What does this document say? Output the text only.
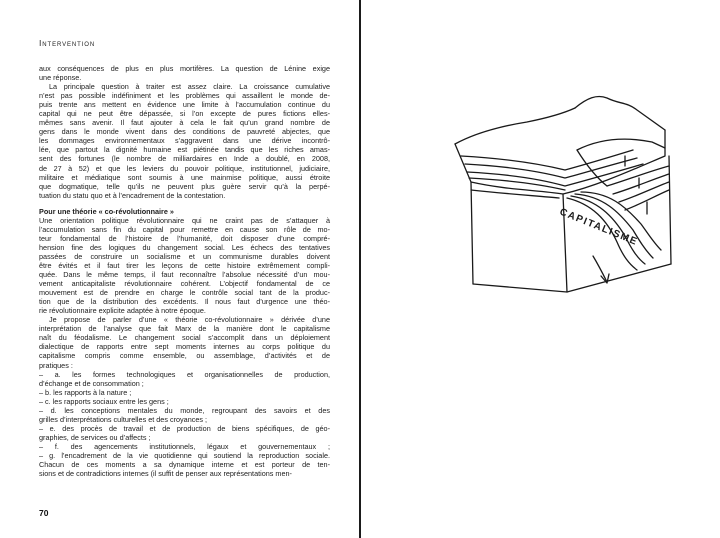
Intervention
aux conséquences de plus en plus mortifères. La question de Lénine exige
une réponse.
La principale question à traiter est assez claire. La croissance cumulative
n’est pas possible indéfiniment et les problèmes qui assaillent le monde de-
puis trente ans mettent en évidence une limite à l’accumulation continue du
capital qui ne peut être dépassée, si l’on excepte de pures fictions elles-
mêmes sans avenir. Il faut ajouter à cela le fait qu’un grand nombre de
gens dans le monde vivent dans des conditions de pauvreté abjectes, que
les dommages environnementaux s’aggravent dans une dérive incontrô-
lée, que partout la dignité humaine est piétinée tandis que les riches amas-
sent des fortunes (le nombre de milliardaires en Inde a doublé, en 2008,
de 27 à 52) et que les leviers du pouvoir politique, institutionnel, judiciaire,
militaire et médiatique sont soumis à une mainmise politique, aussi étroite
que dogmatique, telle qu’ils ne peuvent plus guère servir qu’à la perpé-
tuation du statu quo et à l’encadrement de la contestation.
Pour une théorie « co-révolutionnaire »
Une orientation politique révolutionnaire qui ne craint pas de s’attaquer à
l’accumulation sans fin du capital pour remettre en cause son rôle de mo-
teur fondamental de l’histoire de l’humanité, doit disposer d’une compré-
hension fine des logiques du changement social. Les échecs des tentatives
passées de construire un socialisme et un communisme durables doivent
être évités et il faut tirer les leçons de cette histoire extrêmement compli-
quée. Dans le même temps, il faut reconnaître l’absolue nécessité d’un mou-
vement anticapitaliste révolutionnaire cohérent. L’objectif fondamental de ce
mouvement est de prendre en charge le contrôle social tant de la produc-
tion que de la distribution des excédents. Il nous faut d’urgence une théo-
rie révolutionnaire explicite adaptée à notre époque.
Je propose de parler d’une « théorie co-révolutionnaire » dérivée d’une
interprétation de l’analyse que fait Marx de la manière dont le capitalisme
naît du féodalisme. Le changement social s’accomplit dans un déploiement
dialectique de rapports entre sept moments internes au corps politique du
capitalisme compris comme ensemble, ou assemblage, d’activités et de
pratiques :
– a. les formes technologiques et organisationnelles de production,
d’échange et de consommation ;
– b. les rapports à la nature ;
– c. les rapports sociaux entre les gens ;
– d. les conceptions mentales du monde, regroupant des savoirs et des
grilles d’interprétations culturelles et des croyances ;
– e. des procès de travail et de production de biens spécifiques, de géo-
graphies, de services ou d’affects ;
– f. des agencements institutionnels, légaux et gouvernementaux ;
– g. l’encadrement de la vie quotidienne qui soutiend la reproduction sociale.
Chacun de ces moments a sa dynamique interne et est porteur de ten-
sions et de contradictions internes (il suffit de penser aux représentations men-
70
CAPITALISME
